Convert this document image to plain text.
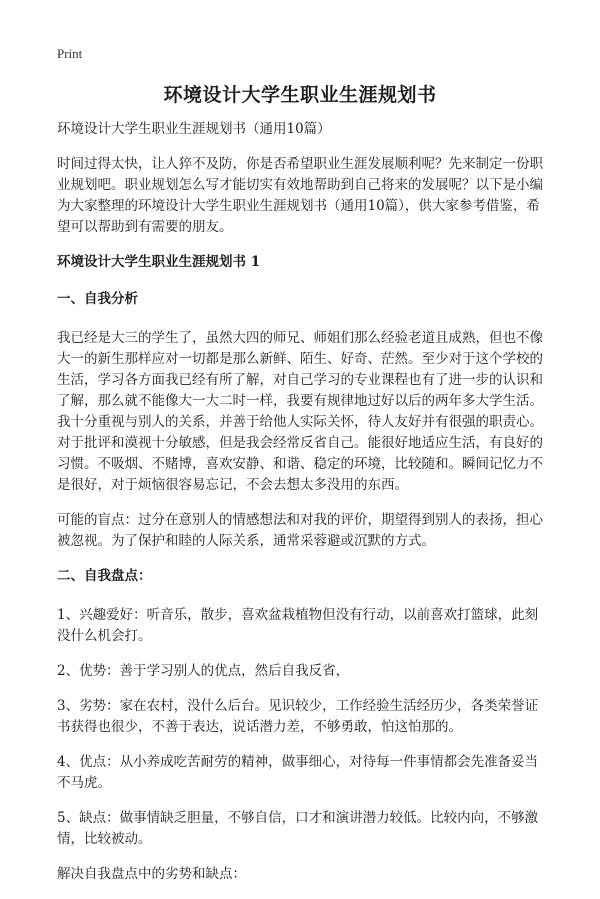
Print
环境设计大学生职业生涯规划书

环境设计大学生职业生涯规划书（通用10篇）

时间过得太快，让人猝不及防，你是否希望职业生涯发展顺利呢？先来制定一份职业规划吧。职业规划怎么写才能切实有效地帮助到自己将来的发展呢？以下是小编为大家整理的环境设计大学生职业生涯规划书（通用10篇），供大家参考借鉴，希望可以帮助到有需要的朋友。

环境设计大学生职业生涯规划书 1
一、自我分析

我已经是大三的学生了，虽然大四的师兄、师姐们那么经验老道且成熟，但也不像大一的新生那样应对一切都是那么新鲜、陌生、好奇、茫然。至少对于这个学校的生活，学习各方面我已经有所了解，对自己学习的专业课程也有了进一步的认识和了解，那么就不能像大一大二时一样，我要有规律地过好以后的两年多大学生活。我十分重视与别人的关系，并善于给他人实际关怀，待人友好并有很强的职责心。对于批评和漠视十分敏感，但是我会经常反省自己。能很好地适应生活，有良好的习惯。不吸烟、不赌博，喜欢安静、和谐、稳定的环境，比较随和。瞬间记忆力不是很好，对于烦恼很容易忘记，不会去想太多没用的东西。

可能的盲点：过分在意别人的情感想法和对我的评价，期望得到别人的表扬，担心被忽视。为了保护和睦的人际关系，通常采蓉避或沉默的方式。

二、自我盘点：

1、兴趣爱好：听音乐，散步，喜欢盆栽植物但没有行动，以前喜欢打篮球，此刻没什么机会打。

2、优势：善于学习别人的优点，然后自我反省，

3、劣势：家在农村，没什么后台。见识较少，工作经验生活经历少，各类荣誉证书获得也很少，不善于表达，说话潜力差，不够勇敢，怕这怕那的。

4、优点：从小养成吃苦耐劳的精神，做事细心，对待每一件事情都会先准备妥当不马虎。

5、缺点：做事情缺乏胆量，不够自信，口才和演讲潜力较低。比较内向，不够激情，比较被动。

解决自我盘点中的劣势和缺点：
